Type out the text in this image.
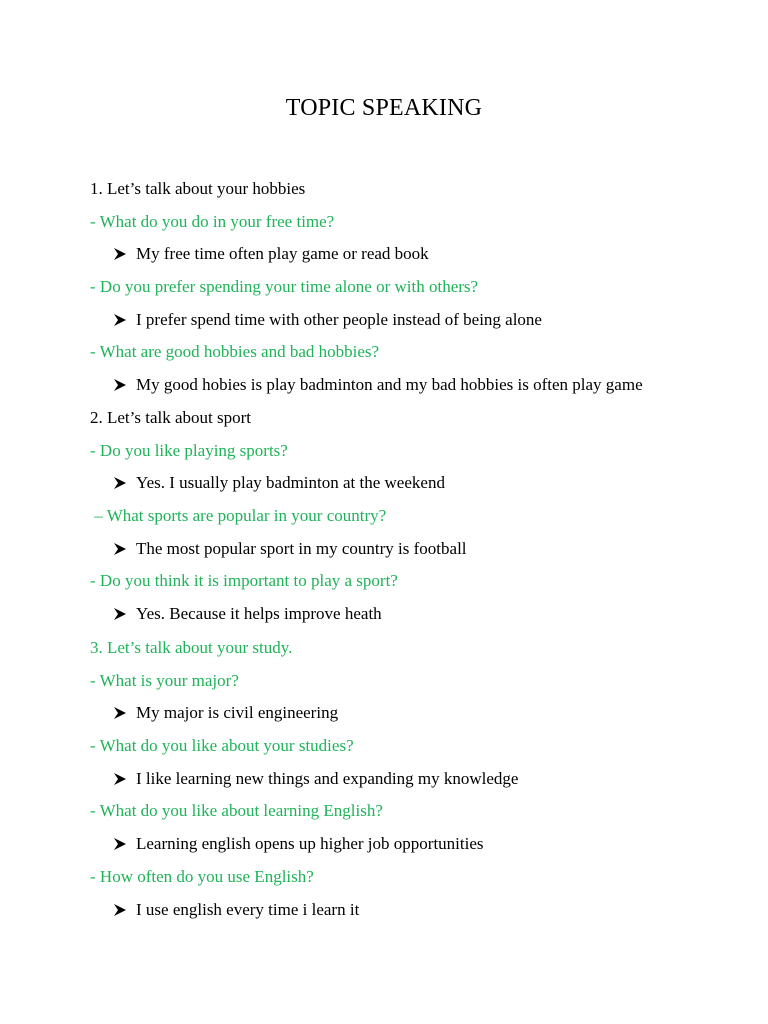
TOPIC SPEAKING
1. Let’s talk about your hobbies
- What do you do in your free time?
My free time often play game or read book
- Do you prefer spending your time alone or with others?
I prefer spend time with other people instead of being alone
- What are good hobbies and bad hobbies?
My good hobies is play badminton and my bad hobbies is often play game
2. Let’s talk about sport
- Do you like playing sports?
Yes. I usually play badminton at the weekend
– What sports are popular in your country?
The most popular sport in my country is football
- Do you think it is important to play a sport?
Yes. Because it helps improve heath
3. Let’s talk about your study.
- What is your major?
My major is civil engineering
- What do you like about your studies?
I like learning new things and expanding my knowledge
- What do you like about learning English?
Learning english opens up higher job opportunities
- How often do you use English?
I use english every time i learn it
